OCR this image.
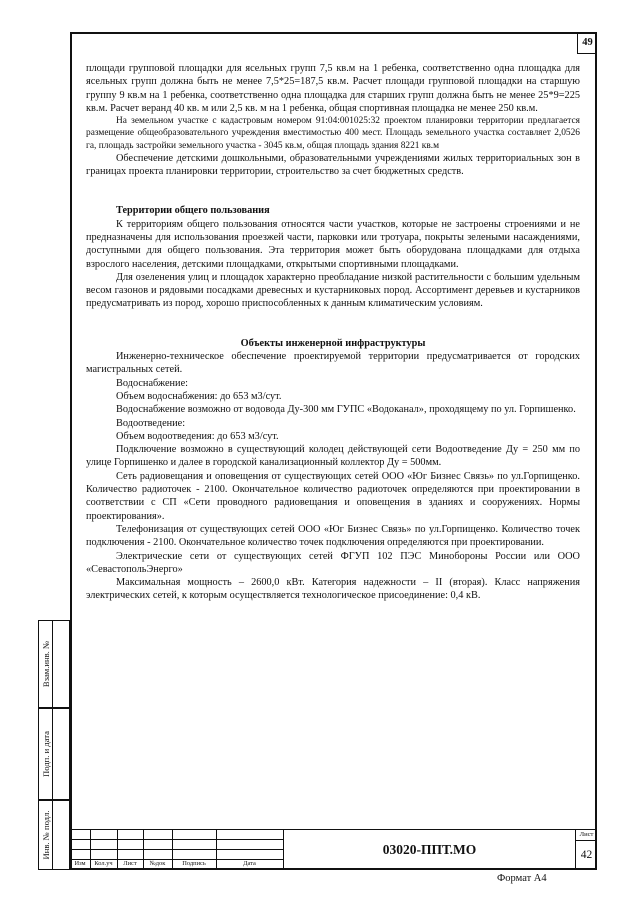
49

площади групповой площадки для ясельных групп 7,5 кв.м на 1 ребенка, соответственно одна площадка для ясельных групп должна быть не менее 7,5*25=187,5 кв.м. Расчет площади групповой площадки на старшую группу 9 кв.м на 1 ребенка, соответственно одна площадка для старших групп должна быть не менее 25*9=225 кв.м. Расчет веранд 40 кв. м или 2,5 кв. м на 1 ребенка, общая спортивная площадка не менее 250 кв.м.

На земельном участке с кадастровым номером 91:04:001025:32 проектом планировки территории предлагается размещение общеобразовательного учреждения вместимостью 400 мест. Площадь земельного участка составляет 2,0526 га, площадь застройки земельного участка - 3045 кв.м, общая площадь здания 8221 кв.м

Обеспечение детскими дошкольными, образовательными учреждениями жилых территориальных зон в границах проекта планировки территории, строительство за счет бюджетных средств.

Территории общего пользования

К территориям общего пользования относятся части участков, которые не застроены строениями и не предназначены для использования проезжей части, парковки или тротуара, покрыты зелеными насаждениями, доступными для общего пользования. Эта территория может быть оборудована площадками для отдыха взрослого населения, детскими площадками, открытыми спортивными площадками.

Для озеленения улиц и площадок характерно преобладание низкой растительности с большим удельным весом газонов и рядовыми посадками древесных и кустарниковых пород. Ассортимент деревьев и кустарников предусматривать из пород, хорошо приспособленных к данным климатическим условиям.

Объекты инженерной инфраструктуры

Инженерно-техническое обеспечение проектируемой территории предусматривается от городских магистральных сетей.

Водоснабжение:

Объем водоснабжения: до 653 м3/сут.

Водоснабжение возможно от водовода Ду-300 мм ГУПС «Водоканал», проходящему по ул. Горпишенко.

Водоотведение:

Объем водоотведения: до 653 м3/сут.

Подключение возможно в существующий колодец действующей сети Водоотведение Ду = 250 мм по улице Горпишенко и далее в городской канализационный коллектор Ду = 500мм.

Сеть радиовещания и оповещения от существующих сетей ООО «Юг Бизнес Связь» по ул.Горпищенко. Количество радиоточек - 2100. Окончательное количество радиоточек определяются при проектировании в соответствии с СП «Сети проводного радиовещания и оповещения в зданиях и сооружениях. Нормы проектирования».

Телефонизация от существующих сетей ООО «Юг Бизнес Связь» по ул.Горпищенко. Количество точек подключения - 2100. Окончательное количество точек подключения определяются при проектировании.

Электрические сети от существующих сетей ФГУП 102 ПЭС Минобороны России или ООО «СевастопольЭнерго»

Максимальная мощность – 2600,0 кВт. Категория надежности – II (вторая). Класс напряжения электрических сетей, к которым осуществляется технологическое присоединение: 0,4 кВ.

Взам.инв. №
Подп. и дата
Инв. № подл.
Изм	Кол.уч	Лист	№док	Подпись	Дата
03020-ППТ.МО
Лист
42
Формат А4
